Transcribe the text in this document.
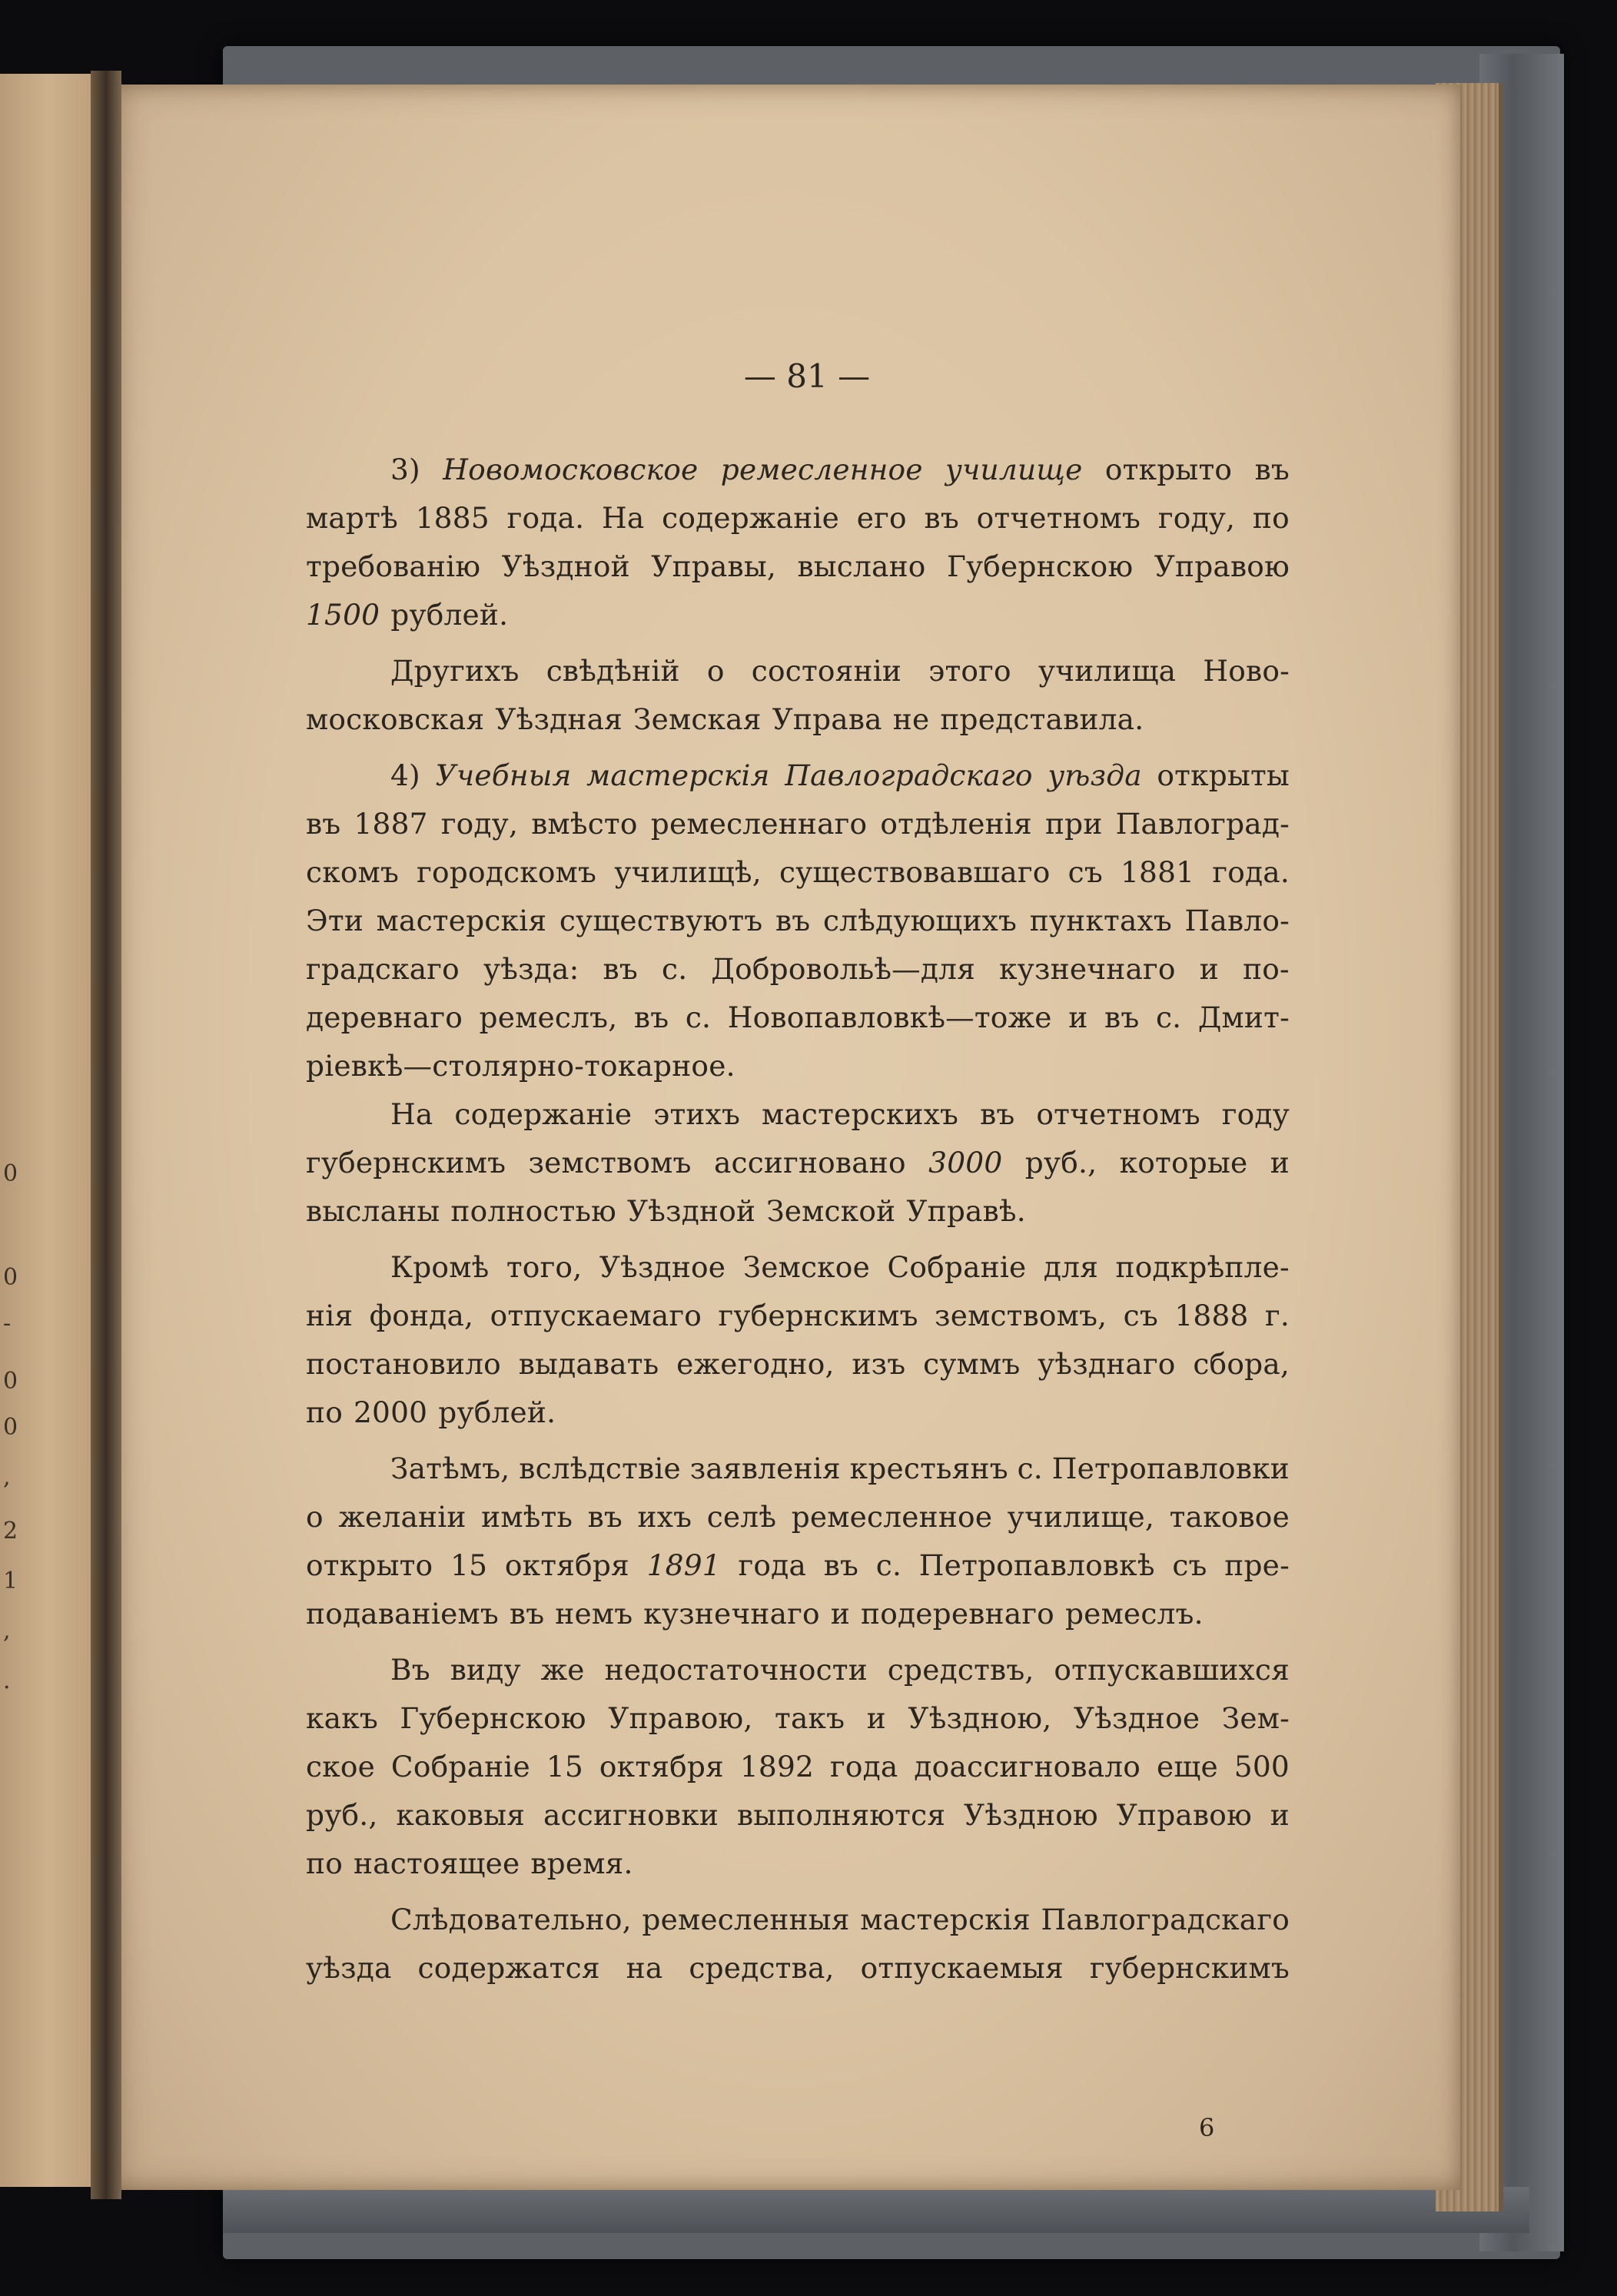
— 81 —
3) Новомосковское ремесленное училище открыто въ
мартѣ 1885 года. На содержаніе его въ отчетномъ году, по
требованію Уѣздной Управы, выслано Губернскою Управою
1500 рублей.
Другихъ свѣдѣній о состояніи этого училища Ново-
московская Уѣздная Земская Управа не представила.
4) Учебныя мастерскія Павлоградскаго уѣзда открыты
въ 1887 году, вмѣсто ремесленнаго отдѣленія при Павлоград-
скомъ городскомъ училищѣ, существовавшаго съ 1881 года.
Эти мастерскія существуютъ въ слѣдующихъ пунктахъ Павло-
градскаго уѣзда: въ с. Добровольѣ—для кузнечнаго и по-
деревнаго ремеслъ, въ с. Новопавловкѣ—тоже и въ с. Дмит-
ріевкѣ—столярно-токарное.
На содержаніе этихъ мастерскихъ въ отчетномъ году
губернскимъ земствомъ ассигновано 3000 руб., которые и
высланы полностью Уѣздной Земской Управѣ.
Кромѣ того, Уѣздное Земское Собраніе для подкрѣпле-
нія фонда, отпускаемаго губернскимъ земствомъ, съ 1888 г.
постановило выдавать ежегодно, изъ суммъ уѣзднаго сбора,
по 2000 рублей.
Затѣмъ, вслѣдствіе заявленія крестьянъ с. Петропавловки
о желаніи имѣть въ ихъ селѣ ремесленное училище, таковое
открыто 15 октября 1891 года въ с. Петропавловкѣ съ пре-
подаваніемъ въ немъ кузнечнаго и подеревнаго ремеслъ.
Въ виду же недостаточности средствъ, отпускавшихся
какъ Губернскою Управою, такъ и Уѣздною, Уѣздное Зем-
ское Собраніе 15 октября 1892 года доассигновало еще 500
руб., каковыя ассигновки выполняются Уѣздною Управою и
по настоящее время.
Слѣдовательно, ремесленныя мастерскія Павлоградскаго
уѣзда содержатся на средства, отпускаемыя губернскимъ
6
0
0
-
0
0
,
2
1
,
.
